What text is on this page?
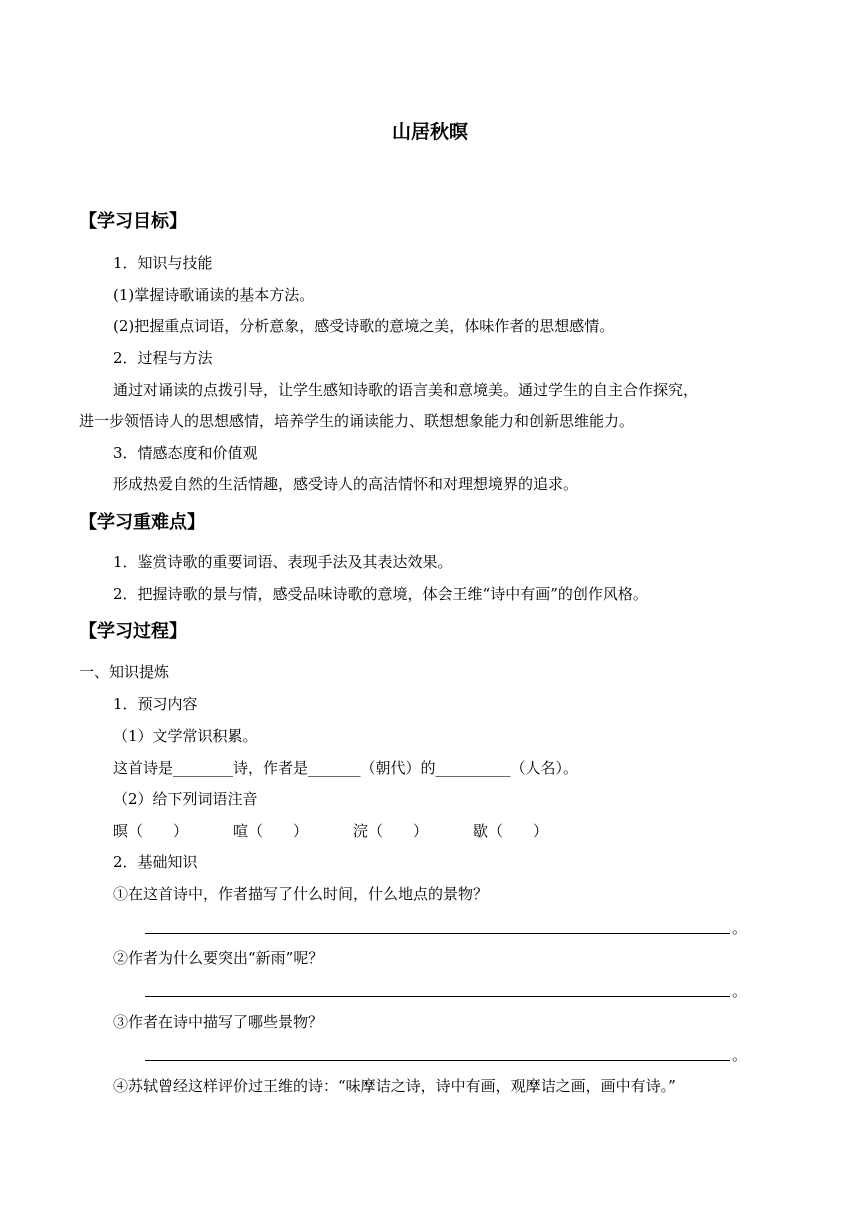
山居秋暝
【学习目标】
1．知识与技能
(1)掌握诗歌诵读的基本方法。
(2)把握重点词语，分析意象，感受诗歌的意境之美，体味作者的思想感情。
2．过程与方法
通过对诵读的点拨引导，让学生感知诗歌的语言美和意境美。通过学生的自主合作探究，
进一步领悟诗人的思想感情，培养学生的诵读能力、联想想象能力和创新思维能力。
3．情感态度和价值观
形成热爱自然的生活情趣，感受诗人的高洁情怀和对理想境界的追求。
【学习重难点】
1．鉴赏诗歌的重要词语、表现手法及其表达效果。
2．把握诗歌的景与情，感受品味诗歌的意境，体会王维“诗中有画”的创作风格。
【学习过程】
一、知识提炼
1．预习内容
（1）文学常识积累。
这首诗是________诗，作者是_______（朝代）的__________（人名）。
（2）给下列词语注音
暝（　　）	喧（　　）	浣（　　）	歇（　　）
2．基础知识
①在这首诗中，作者描写了什么时间，什么地点的景物？
。
②作者为什么要突出“新雨”呢？
。
③作者在诗中描写了哪些景物？
。
④苏轼曾经这样评价过王维的诗：“味摩诘之诗，诗中有画，观摩诘之画，画中有诗。”
